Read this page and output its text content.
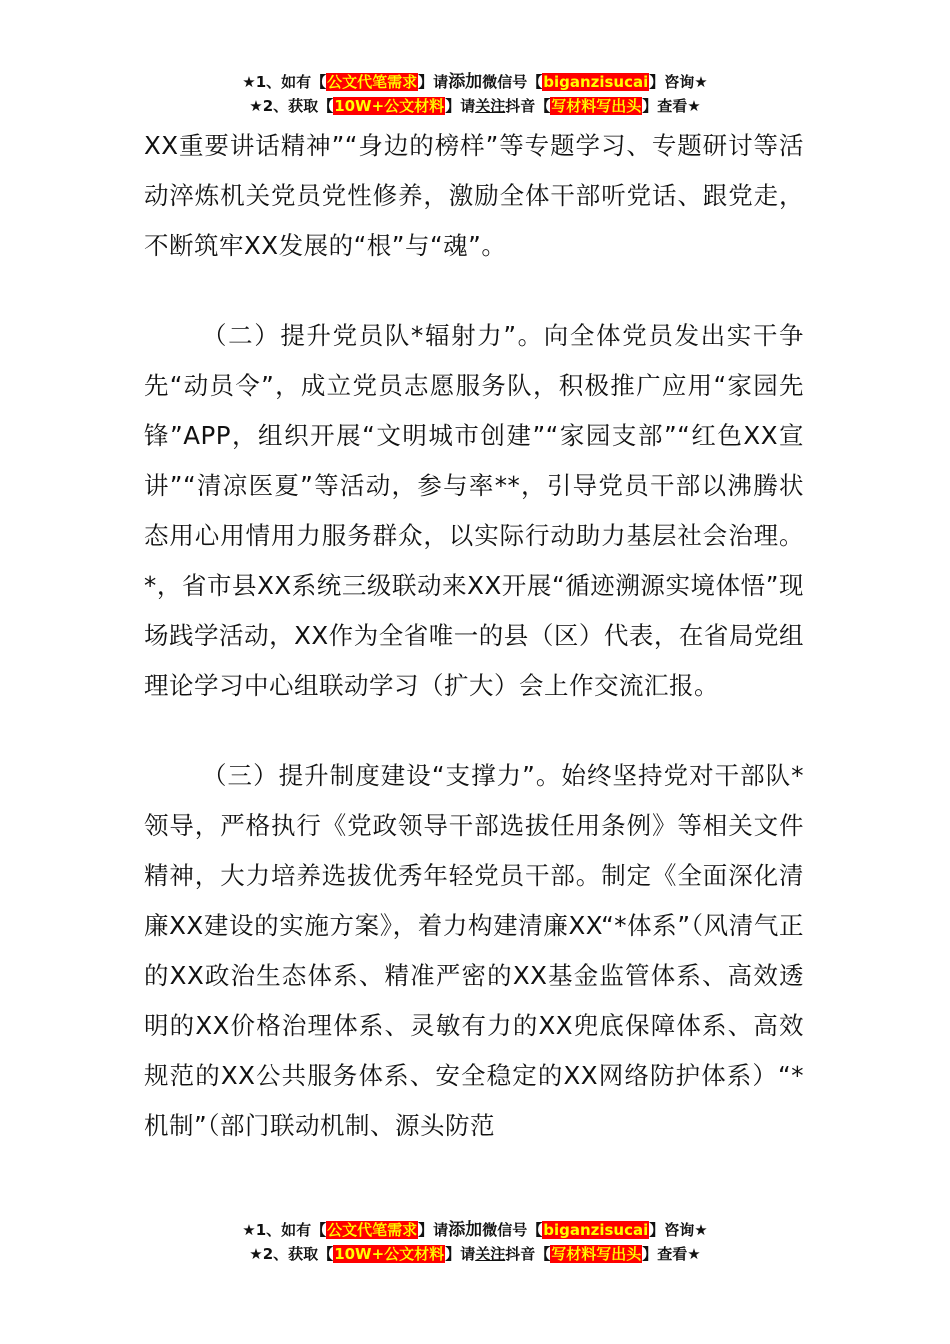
★1、如有【公文代笔需求】请添加微信号【biganzisucai】咨询★
★2、获取【10W+公文材料】请关注抖音【写材料写出头】查看★

XX重要讲话精神”“身边的榜样”等专题学习、专题研讨等活动淬炼机关党员党性修养，激励全体干部听党话、跟党走，不断筑牢XX发展的“根”与“魂”。

（二）提升党员队*辐射力”。向全体党员发出实干争先“动员令”，成立党员志愿服务队，积极推广应用“家园先锋”APP，组织开展“文明城市创建”“家园支部”“红色XX宣讲”“清凉医夏”等活动，参与率**，引导党员干部以沸腾状态用心用情用力服务群众，以实际行动助力基层社会治理。*，省市县XX系统三级联动来XX开展“循迹溯源实境体悟”现场践学活动，XX作为全省唯一的县（区）代表，在省局党组理论学习中心组联动学习（扩大）会上作交流汇报。

（三）提升制度建设“支撑力”。始终坚持党对干部队*领导，严格执行《党政领导干部选拔任用条例》等相关文件精神，大力培养选拔优秀年轻党员干部。制定《全面深化清廉XX建设的实施方案》，着力构建清廉XX“*体系”（风清气正的XX政治生态体系、精准严密的XX基金监管体系、高效透明的XX价格治理体系、灵敏有力的XX兜底保障体系、高效规范的XX公共服务体系、安全稳定的XX网络防护体系）“*机制”（部门联动机制、源头防范

★1、如有【公文代笔需求】请添加微信号【biganzisucai】咨询★
★2、获取【10W+公文材料】请关注抖音【写材料写出头】查看★
